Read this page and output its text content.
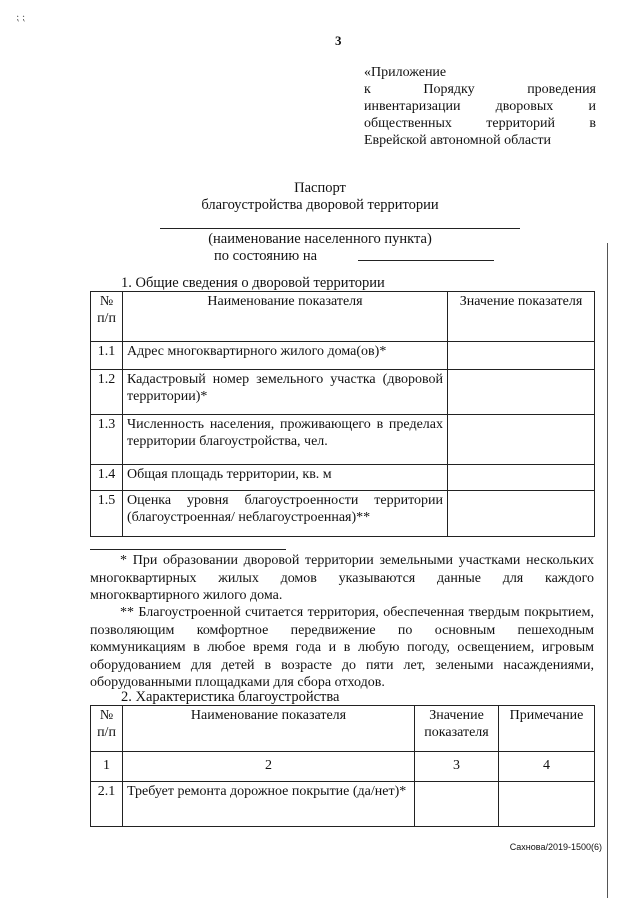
⁏ ⁏
3
«Приложение
к	Порядку	проведения
инвентаризации	дворовых	и
общественных территорий в
Еврейской автономной области
Паспорт
благоустройства дворовой территории
(наименование населенного пункта)
по состоянию на
1. Общие сведения о дворовой территории
№ п/п	Наименование показателя	Значение показателя
1.1	Адрес многоквартирного жилого дома(ов)*	
1.2	Кадастровый номер земельного участка (дворовой территории)*	
1.3	Численность населения, проживающего в пределах территории благоустройства, чел.	
1.4	Общая площадь территории, кв. м	
1.5	Оценка уровня благоустроенности территории (благоустроенная/ неблагоустроенная)**	
* При образовании дворовой территории земельными участками нескольких многоквартирных жилых домов указываются данные для каждого многоквартирного жилого дома.
** Благоустроенной считается территория, обеспеченная твердым покрытием, позволяющим комфортное передвижение по основным пешеходным коммуникациям в любое время года и в любую погоду, освещением, игровым оборудованием для детей в возрасте до пяти лет, зелеными насаждениями, оборудованными площадками для сбора отходов.
2. Характеристика благоустройства
№ п/п	Наименование показателя	Значение показателя	Примечание
1	2	3	4
2.1	Требует ремонта дорожное покрытие (да/нет)*		
Сахнова/2019-1500(6)
